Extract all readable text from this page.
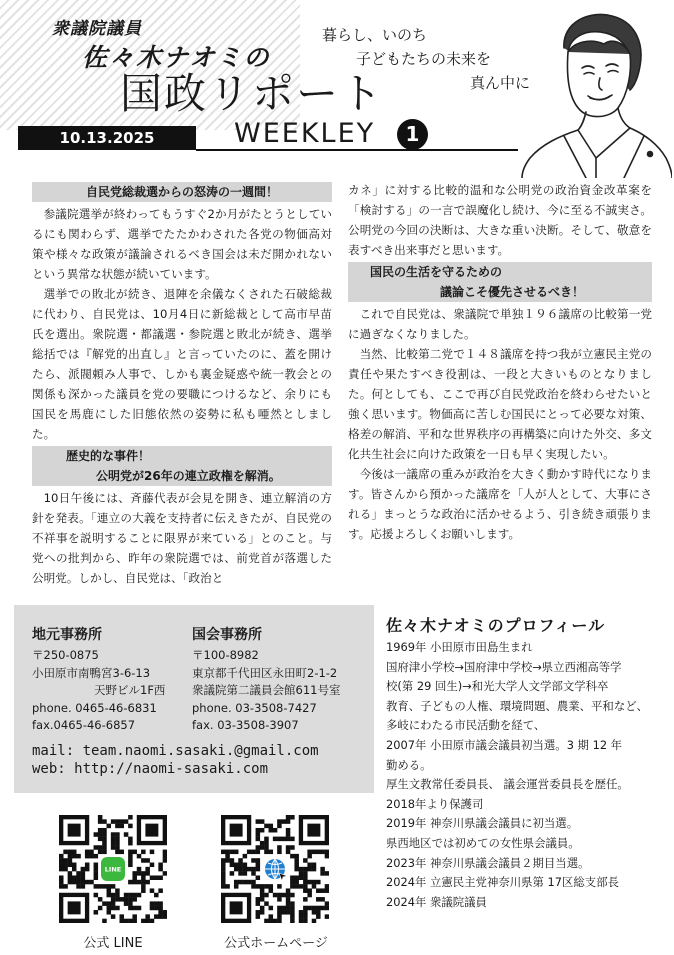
衆議院議員
佐々木ナオミの
国政リポート
10.13.2025	WEEKLEY	1
暮らし、いのち
子どもたちの未来を
真ん中に
自民党総裁選からの怒涛の一週間！

参議院選挙が終わってもうすぐ2か月がたとうとしているにも関わらず、選挙でたたかわされた各党の物価高対策や様々な政策が議論されるべき国会は未だ開かれないという異常な状態が続いています。

選挙での敗北が続き、退陣を余儀なくされた石破総裁に代わり、自民党は、10月4日に新総裁として高市早苗氏を選出。衆院選・都議選・参院選と敗北が続き、選挙総括では『解党的出直し』と言っていたのに、蓋を開けたら、派閥頼み人事で、しかも裏金疑惑や統一教会との関係も深かった議員を党の要職につけるなど、余りにも国民を馬鹿にした旧態依然の姿勢に私も唖然としました。

歴史的な事件！
公明党が26年の連立政権を解消。

10日午後には、斉藤代表が会見を開き、連立解消の方針を発表。「連立の大義を支持者に伝えきたが、自民党の不祥事を説明することに限界が来ている」とのこと。与党への批判から、昨年の衆院選では、前党首が落選した公明党。しかし、自民党は、「政治と

カネ」に対する比較的温和な公明党の政治資金改革案を「検討する」の一言で誤魔化し続け、今に至る不誠実さ。公明党の今回の決断は、大きな重い決断。そして、敬意を表すべき出来事だと思います。

国民の生活を守るための
議論こそ優先させるべき！

これで自民党は、衆議院で単独１９６議席の比較第一党に過ぎなくなりました。

当然、比較第二党で１４８議席を持つ我が立憲民主党の責任や果たすべき役割は、一段と大きいものとなりました。何としても、ここで再び自民党政治を終わらせたいと強く思います。物価高に苦しむ国民にとって必要な対策、格差の解消、平和な世界秩序の再構築に向けた外交、多文化共生社会に向けた政策を一日も早く実現したい。

今後は一議席の重みが政治を大きく動かす時代になります。皆さんから預かった議席を「人が人として、大事にされる」まっとうな政治に活かせるよう、引き続き頑張ります。応援よろしくお願いします。

地元事務所
〒250-0875
小田原市南鴨宮3-6-13
天野ビル1F西
phone. 0465-46-6831
fax.0465-46-6857
国会事務所
〒100-8982
東京都千代田区永田町2-1-2
衆議院第二議員会館611号室
phone. 03-3508-7427
fax. 03-3508-3907
mail: team.naomi.sasaki.@gmail.com
web: http://naomi-sasaki.com
LINE
公式 LINE	公式ホームページ
佐々木ナオミのプロフィール
1969年 小田原市田島生まれ
国府津小学校→国府津中学校→県立西湘高等学
校(第 29 回生)→和光大学人文学部文学科卒
教育、子どもの人権、環境問題、農業、平和など、
多岐にわたる市民活動を経て、
2007年 小田原市議会議員初当選。3 期 12 年
勤める。
厚生文教常任委員長、 議会運営委員長を歴任。
2018年より保護司
2019年 神奈川県議会議員に初当選。
県西地区では初めての女性県会議員。
2023年 神奈川県議会議員２期目当選。
2024年 立憲民主党神奈川県第 17区総支部長
2024年 衆議院議員
